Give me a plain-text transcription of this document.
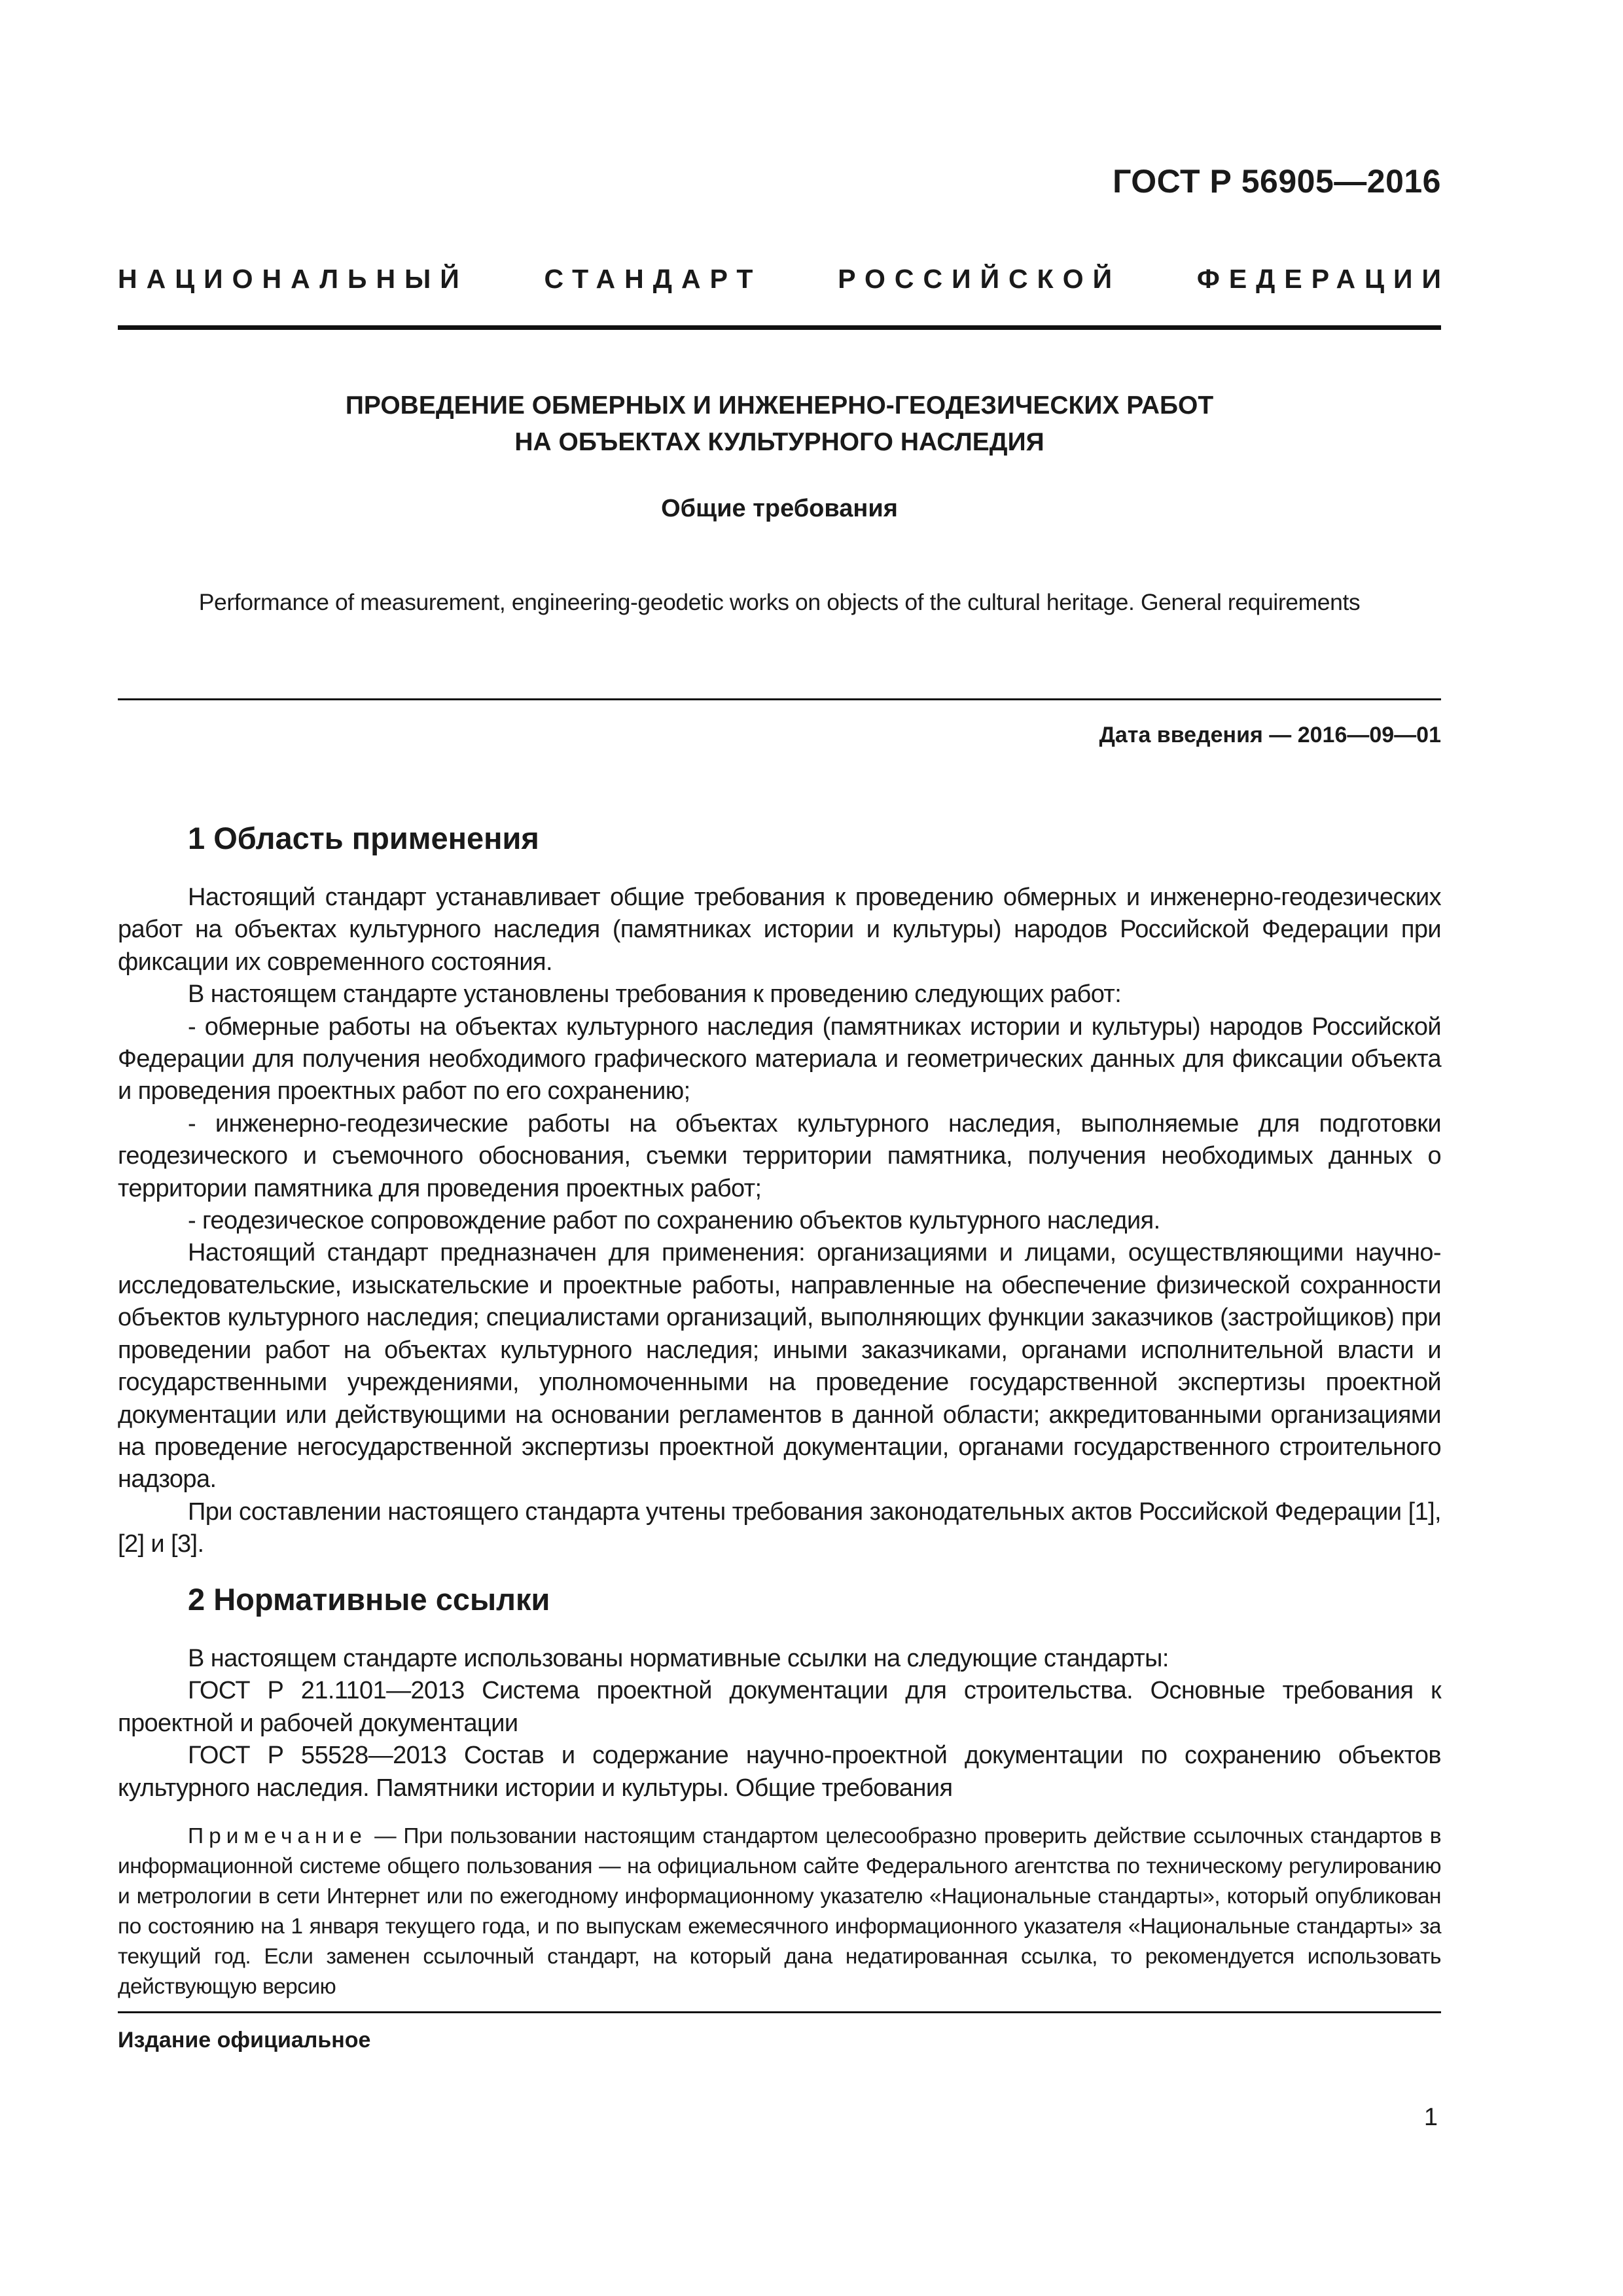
ГОСТ Р 56905—2016
НАЦИОНАЛЬНЫЙ	СТАНДАРТ	РОССИЙСКОЙ	ФЕДЕРАЦИИ
ПРОВЕДЕНИЕ ОБМЕРНЫХ И ИНЖЕНЕРНО-ГЕОДЕЗИЧЕСКИХ РАБОТ
НА ОБЪЕКТАХ КУЛЬТУРНОГО НАСЛЕДИЯ
Общие требования
Performance of measurement, engineering-geodetic works on objects of the cultural heritage. General requirements
Дата введения — 2016—09—01
1 Область применения

Настоящий стандарт устанавливает общие требования к проведению обмерных и инженерно-геодезических работ на объектах культурного наследия (памятниках истории и культуры) народов Российской Федерации при фиксации их современного состояния.

В настоящем стандарте установлены требования к проведению следующих работ:

- обмерные работы на объектах культурного наследия (памятниках истории и культуры) народов Российской Федерации для получения необходимого графического материала и геометрических данных для фиксации объекта и проведения проектных работ по его сохранению;

- инженерно-геодезические работы на объектах культурного наследия, выполняемые для подготовки геодезического и съемочного обоснования, съемки территории памятника, получения необходимых данных о территории памятника для проведения проектных работ;

- геодезическое сопровождение работ по сохранению объектов культурного наследия.

Настоящий стандарт предназначен для применения: организациями и лицами, осуществляющими научно-исследовательские, изыскательские и проектные работы, направленные на обеспечение физической сохранности объектов культурного наследия; специалистами организаций, выполняющих функции заказчиков (застройщиков) при проведении работ на объектах культурного наследия; иными заказчиками, органами исполнительной власти и государственными учреждениями, уполномоченными на проведение государственной экспертизы проектной документации или действующими на основании регламентов в данной области; аккредитованными организациями на проведение негосударственной экспертизы проектной документации, органами государственного строительного надзора.

При составлении настоящего стандарта учтены требования законодательных актов Российской Федерации [1], [2] и [3].

2 Нормативные ссылки

В настоящем стандарте использованы нормативные ссылки на следующие стандарты:

ГОСТ Р 21.1101—2013 Система проектной документации для строительства. Основные требования к проектной и рабочей документации

ГОСТ Р 55528—2013 Состав и содержание научно-проектной документации по сохранению объектов культурного наследия. Памятники истории и культуры. Общие требования

Примечание — При пользовании настоящим стандартом целесообразно проверить действие ссылочных стандартов в информационной системе общего пользования — на официальном сайте Федерального агентства по техническому регулированию и метрологии в сети Интернет или по ежегодному информационному указателю «Национальные стандарты», который опубликован по состоянию на 1 января текущего года, и по выпускам ежемесячного информационного указателя «Национальные стандарты» за текущий год. Если заменен ссылочный стандарт, на который дана недатированная ссылка, то рекомендуется использовать действующую версию

Издание официальное
1
